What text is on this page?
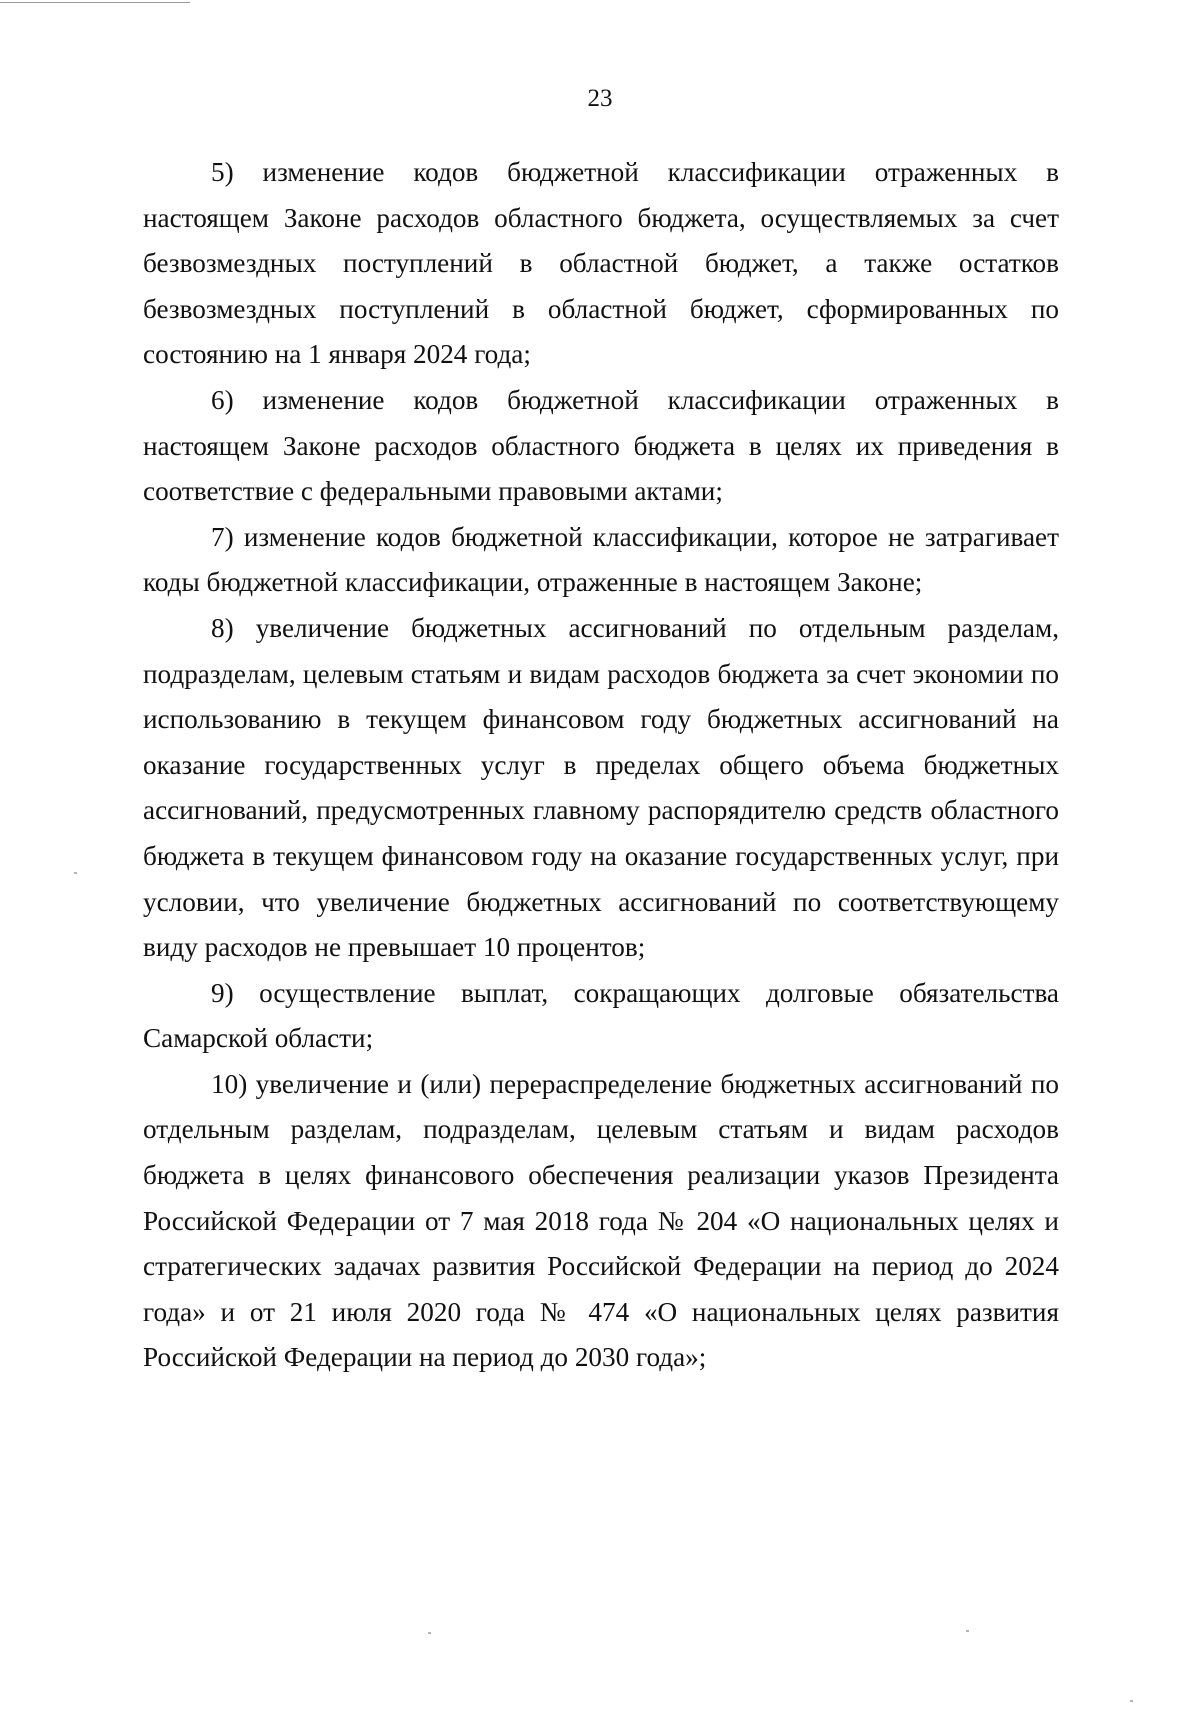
23

5) изменение кодов бюджетной классификации отраженных в настоящем Законе расходов областного бюджета, осуществляемых за счет безвозмездных поступлений в областной бюджет, а также остатков безвозмездных поступлений в областной бюджет, сформированных по состоянию на 1 января 2024 года;

6) изменение кодов бюджетной классификации отраженных в настоящем Законе расходов областного бюджета в целях их приведения в соответствие с федеральными правовыми актами;

7) изменение кодов бюджетной классификации, которое не затрагивает коды бюджетной классификации, отраженные в настоящем Законе;

8) увеличение бюджетных ассигнований по отдельным разделам, подразделам, целевым статьям и видам расходов бюджета за счет экономии по использованию в текущем финансовом году бюджетных ассигнований на оказание государственных услуг в пределах общего объема бюджетных ассигнований, предусмотренных главному распорядителю средств областного бюджета в текущем финансовом году на оказание государственных услуг, при условии, что увеличение бюджетных ассигнований по соответствующему виду расходов не превышает 10 процентов;

9) осуществление выплат, сокращающих долговые обязательства Самарской области;

10) увеличение и (или) перераспределение бюджетных ассигнований по отдельным разделам, подразделам, целевым статьям и видам расходов бюджета в целях финансового обеспечения реализации указов Президента Российской Федерации от 7 мая 2018 года № 204 «О национальных целях и стратегических задачах развития Российской Федерации на период до 2024 года» и от 21 июля 2020 года № 474 «О национальных целях развития Российской Федерации на период до 2030 года»;
